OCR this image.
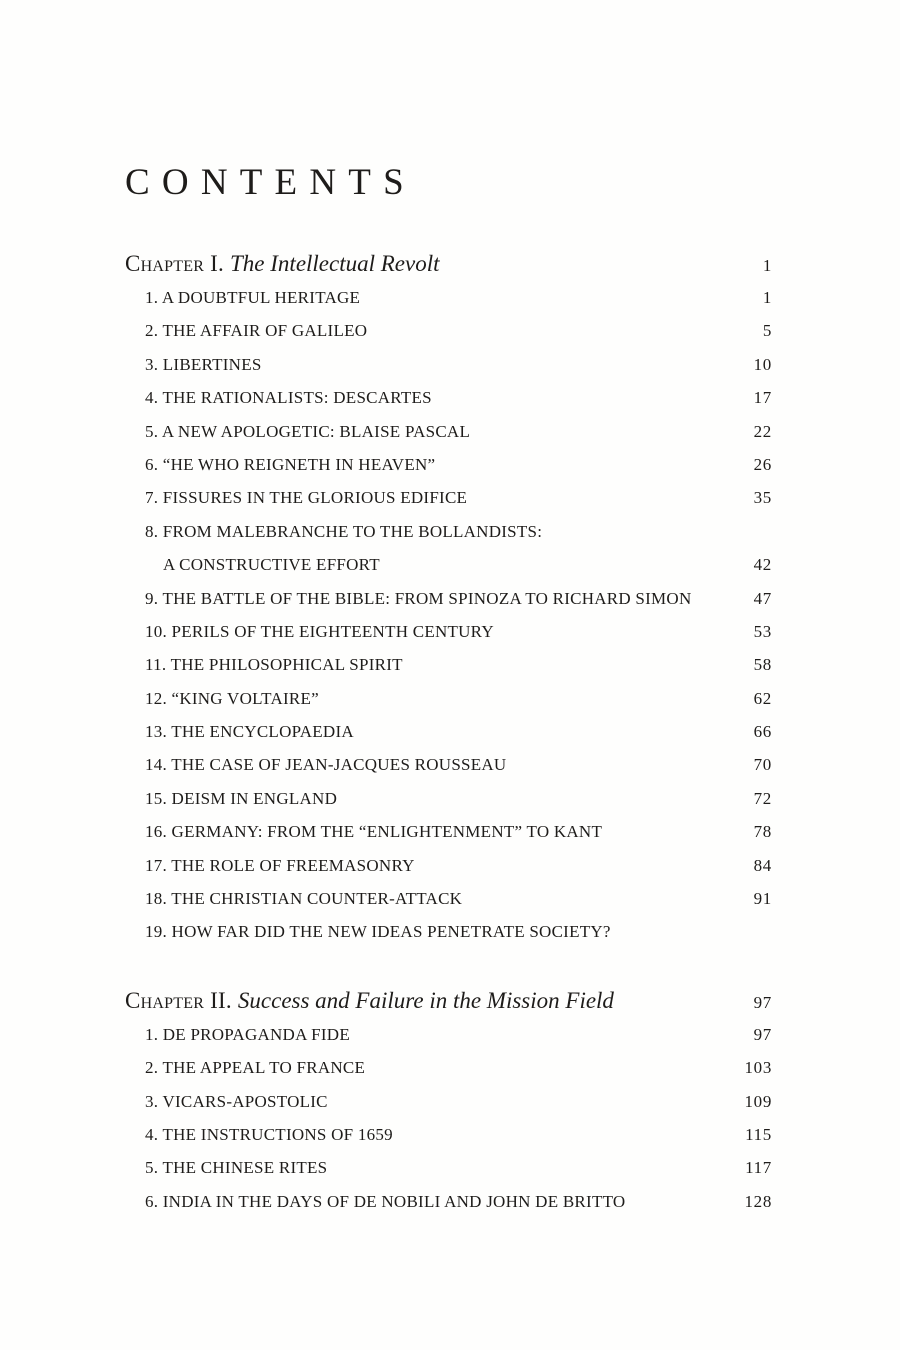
CONTENTS
Chapter I. The Intellectual Revolt	1
1. A DOUBTFUL HERITAGE	1
2. THE AFFAIR OF GALILEO	5
3. LIBERTINES	10
4. THE RATIONALISTS: DESCARTES	17
5. A NEW APOLOGETIC: BLAISE PASCAL	22
6. “HE WHO REIGNETH IN HEAVEN”	26
7. FISSURES IN THE GLORIOUS EDIFICE	35
8. FROM MALEBRANCHE TO THE BOLLANDISTS:
A CONSTRUCTIVE EFFORT	42
9. THE BATTLE OF THE BIBLE: FROM SPINOZA TO RICHARD SIMON	47
10. PERILS OF THE EIGHTEENTH CENTURY	53
11. THE PHILOSOPHICAL SPIRIT	58
12. “KING VOLTAIRE”	62
13. THE ENCYCLOPAEDIA	66
14. THE CASE OF JEAN-JACQUES ROUSSEAU	70
15. DEISM IN ENGLAND	72
16. GERMANY: FROM THE “ENLIGHTENMENT” TO KANT	78
17. THE ROLE OF FREEMASONRY	84
18. THE CHRISTIAN COUNTER-ATTACK	91
19. HOW FAR DID THE NEW IDEAS PENETRATE SOCIETY?
Chapter II. Success and Failure in the Mission Field	97
1. DE PROPAGANDA FIDE	97
2. THE APPEAL TO FRANCE	103
3. VICARS-APOSTOLIC	109
4. THE INSTRUCTIONS OF 1659	115
5. THE CHINESE RITES	117
6. INDIA IN THE DAYS OF DE NOBILI AND JOHN DE BRITTO	128
